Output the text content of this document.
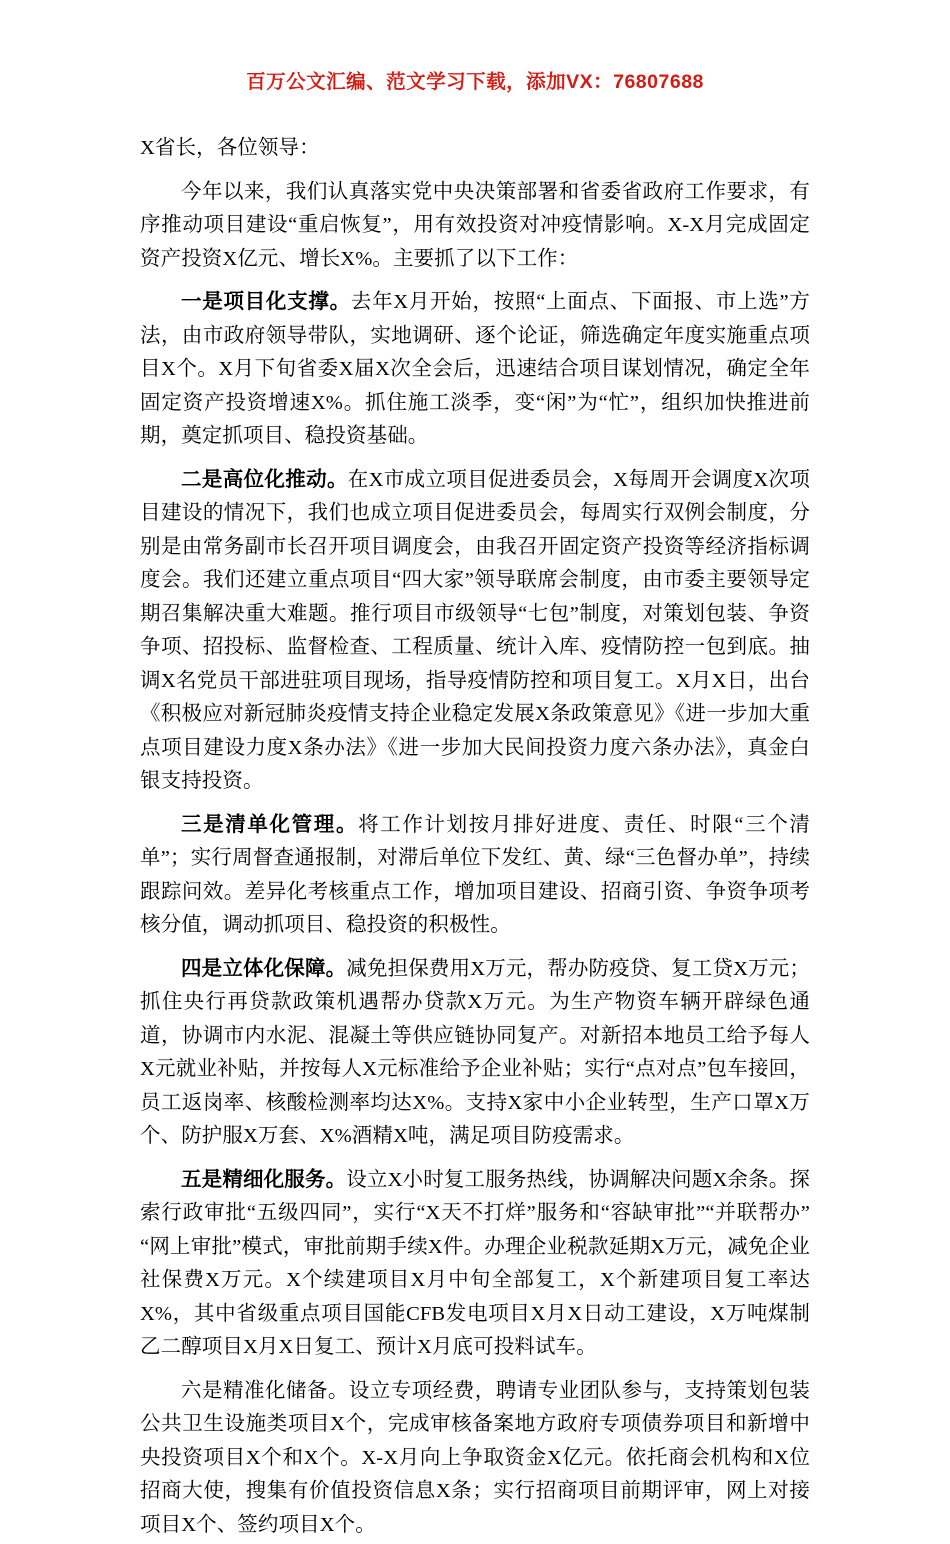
百万公文汇编、范文学习下载，添加VX：76807688

X省长，各位领导：

今年以来，我们认真落实党中央决策部署和省委省政府工作要求，有序推动项目建设“重启恢复”，用有效投资对冲疫情影响。X-X月完成固定资产投资X亿元、增长X%。主要抓了以下工作：

一是项目化支撑。去年X月开始，按照“上面点、下面报、市上选”方法，由市政府领导带队，实地调研、逐个论证，筛选确定年度实施重点项目X个。X月下旬省委X届X次全会后，迅速结合项目谋划情况，确定全年固定资产投资增速X%。抓住施工淡季，变“闲”为“忙”，组织加快推进前期，奠定抓项目、稳投资基础。

二是高位化推动。在X市成立项目促进委员会，X每周开会调度X次项目建设的情况下，我们也成立项目促进委员会，每周实行双例会制度，分别是由常务副市长召开项目调度会，由我召开固定资产投资等经济指标调度会。我们还建立重点项目“四大家”领导联席会制度，由市委主要领导定期召集解决重大难题。推行项目市级领导“七包”制度，对策划包装、争资争项、招投标、监督检查、工程质量、统计入库、疫情防控一包到底。抽调X名党员干部进驻项目现场，指导疫情防控和项目复工。X月X日，出台《积极应对新冠肺炎疫情支持企业稳定发展X条政策意见》《进一步加大重点项目建设力度X条办法》《进一步加大民间投资力度六条办法》，真金白银支持投资。

三是清单化管理。将工作计划按月排好进度、责任、时限“三个清单”；实行周督查通报制，对滞后单位下发红、黄、绿“三色督办单”，持续跟踪问效。差异化考核重点工作，增加项目建设、招商引资、争资争项考核分值，调动抓项目、稳投资的积极性。

四是立体化保障。减免担保费用X万元，帮办防疫贷、复工贷X万元；抓住央行再贷款政策机遇帮办贷款X万元。为生产物资车辆开辟绿色通道，协调市内水泥、混凝土等供应链协同复产。对新招本地员工给予每人X元就业补贴，并按每人X元标准给予企业补贴；实行“点对点”包车接回，员工返岗率、核酸检测率均达X%。支持X家中小企业转型，生产口罩X万个、防护服X万套、X%酒精X吨，满足项目防疫需求。

五是精细化服务。设立X小时复工服务热线，协调解决问题X余条。探索行政审批“五级四同”，实行“X天不打烊”服务和“容缺审批”“并联帮办”“网上审批”模式，审批前期手续X件。办理企业税款延期X万元，减免企业社保费X万元。X个续建项目X月中旬全部复工，X个新建项目复工率达X%，其中省级重点项目国能CFB发电项目X月X日动工建设，X万吨煤制乙二醇项目X月X日复工、预计X月底可投料试车。

六是精准化储备。设立专项经费，聘请专业团队参与，支持策划包装公共卫生设施类项目X个，完成审核备案地方政府专项债券项目和新增中央投资项目X个和X个。X-X月向上争取资金X亿元。依托商会机构和X位招商大使，搜集有价值投资信息X条；实行招商项目前期评审，网上对接项目X个、签约项目X个。
